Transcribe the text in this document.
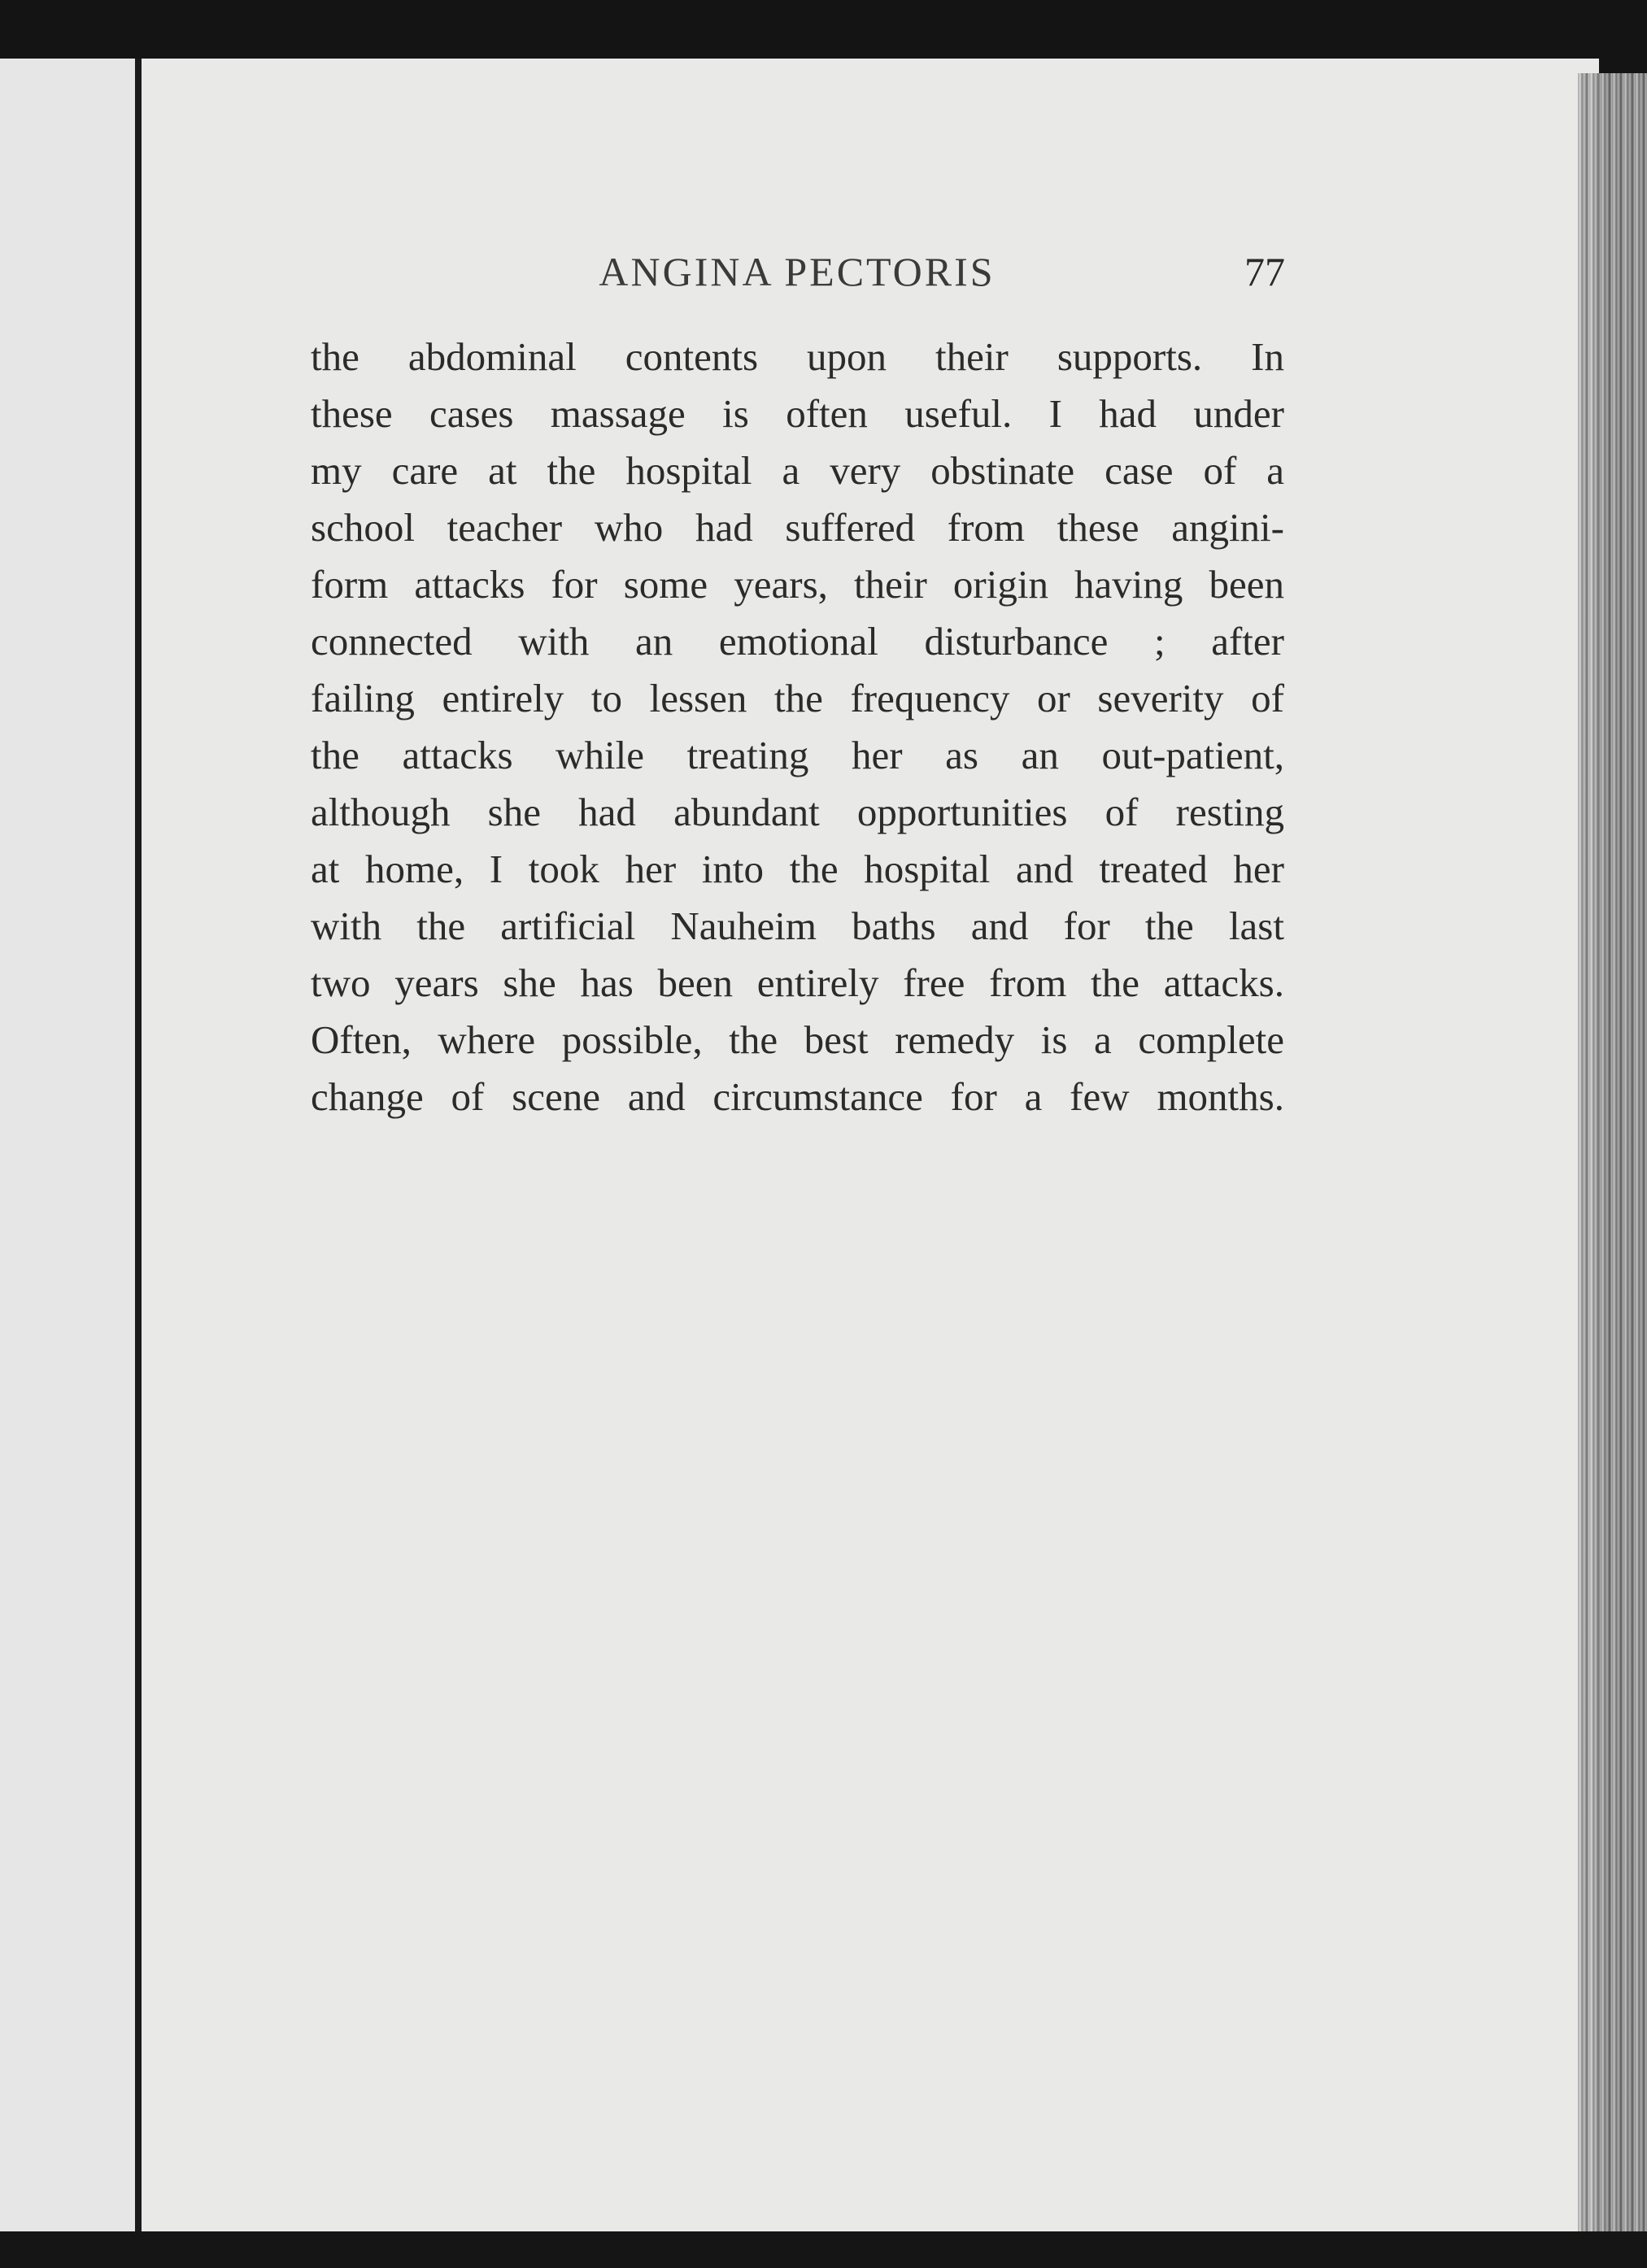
ANGINA PECTORIS	77
the abdominal contents upon their supports. In
these cases massage is often useful. I had under
my care at the hospital a very obstinate case of a
school teacher who had suffered from these angini-
form attacks for some years, their origin having been
connected with an emotional disturbance ; after
failing entirely to lessen the frequency or severity of
the attacks while treating her as an out-patient,
although she had abundant opportunities of resting
at home, I took her into the hospital and treated her
with the artificial Nauheim baths and for the last
two years she has been entirely free from the attacks.
Often, where possible, the best remedy is a complete
change of scene and circumstance for a few months.
